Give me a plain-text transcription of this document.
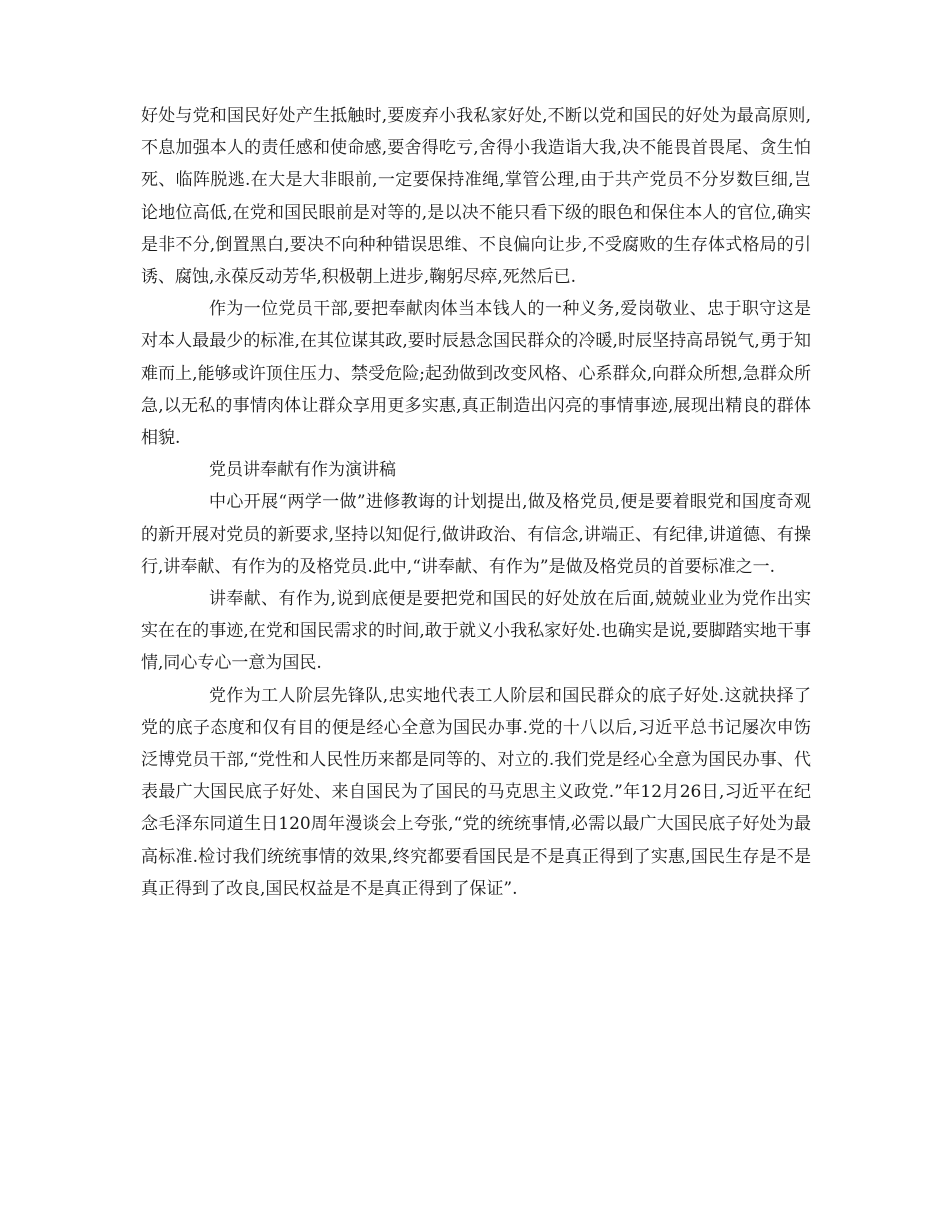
好处与党和国民好处产生抵触时,要废弃小我私家好处,不断以党和国民的好处为最高原则,不息加强本人的责任感和使命感,要舍得吃亏,舍得小我造诣大我,决不能畏首畏尾、贪生怕死、临阵脱逃.在大是大非眼前,一定要保持准绳,掌管公理,由于共产党员不分岁数巨细,岂论地位高低,在党和国民眼前是对等的,是以决不能只看下级的眼色和保住本人的官位,确实是非不分,倒置黑白,要决不向种种错误思维、不良偏向让步,不受腐败的生存体式格局的引诱、腐蚀,永葆反动芳华,积极朝上进步,鞠躬尽瘁,死然后已.

作为一位党员干部,要把奉献肉体当本钱人的一种义务,爱岗敬业、忠于职守这是对本人最最少的标准,在其位谋其政,要时辰悬念国民群众的冷暖,时辰坚持高昂锐气,勇于知难而上,能够或许顶住压力、禁受危险;起劲做到改变风格、心系群众,向群众所想,急群众所急,以无私的事情肉体让群众享用更多实惠,真正制造出闪亮的事情事迹,展现出精良的群体相貌.

党员讲奉献有作为演讲稿

中心开展“两学一做”进修教诲的计划提出,做及格党员,便是要着眼党和国度奇观的新开展对党员的新要求,坚持以知促行,做讲政治、有信念,讲端正、有纪律,讲道德、有操行,讲奉献、有作为的及格党员.此中,“讲奉献、有作为”是做及格党员的首要标准之一.

讲奉献、有作为,说到底便是要把党和国民的好处放在后面,兢兢业业为党作出实实在在的事迹,在党和国民需求的时间,敢于就义小我私家好处.也确实是说,要脚踏实地干事情,同心专心一意为国民.

党作为工人阶层先锋队,忠实地代表工人阶层和国民群众的底子好处.这就抉择了党的底子态度和仅有目的便是经心全意为国民办事.党的十八以后,习近平总书记屡次申饬泛博党员干部,“党性和人民性历来都是同等的、对立的.我们党是经心全意为国民办事、代表最广大国民底子好处、来自国民为了国民的马克思主义政党.”年12月26日,习近平在纪念毛泽东同道生日120周年漫谈会上夸张,“党的统统事情,必需以最广大国民底子好处为最高标准.检讨我们统统事情的效果,终究都要看国民是不是真正得到了实惠,国民生存是不是真正得到了改良,国民权益是不是真正得到了保证”.
